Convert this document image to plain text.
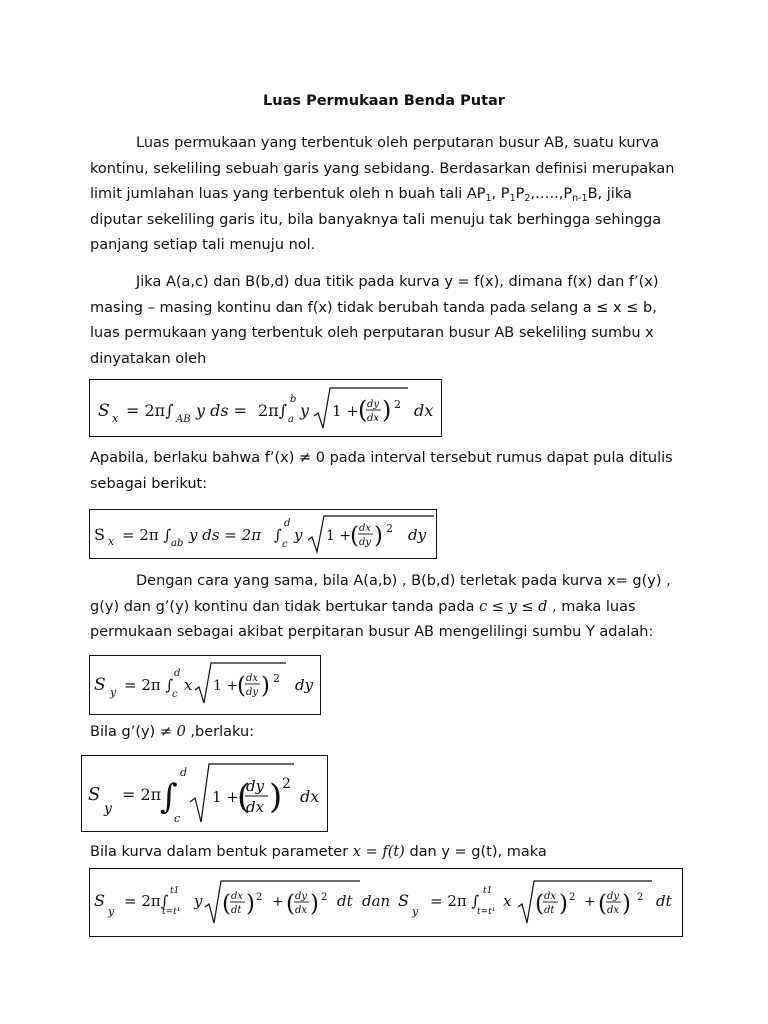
Luas Permukaan Benda Putar

Luas permukaan yang terbentuk oleh perputaran busur AB, suatu kurva kontinu, sekeliling sebuah garis yang sebidang. Berdasarkan definisi merupakan limit jumlahan luas yang terbentuk oleh n buah tali $AP_1$, $P_1P_2,\dots..,P_{n-1}B$, jika diputar sekeliling garis itu, bila banyaknya tali menuju tak berhingga sehingga panjang setiap tali menuju nol.

Jika A(a,c) dan B(b,d) dua titik pada kurva y = f(x), dimana f(x) dan f’(x) masing – masing kontinu dan f(x) tidak berubah tanda pada selang a ≤ x ≤ b, luas permukaan yang terbentuk oleh perputaran busur AB sekeliling sumbu x dinyatakan oleh

S x = 2π∫ AB y ds = 2π∫ a
b
y 1 + ( dy
dx ) 2 dx

Apabila, berlaku bahwa f’(x) ≠ 0 pada interval tersebut rumus dapat pula ditulis sebagai berikut:

S x = 2π ∫ ab y ds = 2π ∫
c
d
y 1 +
( dx
dy ) 2 dy

Dengan cara yang sama, bila A(a,b) , B(b,d) terletak pada kurva x= g(y) , g(y) dan g’(y) kontinu dan tidak bertukar tanda pada c ≤ y ≤ d , maka luas permukaan sebagai akibat perpitaran busur AB mengelilingi sumbu Y adalah:

S y = 2π ∫
c
d
x 1 +
( dx
dy ) 2 dy

Bila g’(y) ≠ 0 ,berlaku:

S
y
= 2π
∫
c
d
1 +
(
dy
dx ) 2
dx

Bila kurva dalam bentuk parameter x = f(t) dan y = g(t), maka

S
y
= 2π∫
t=t¹
t1
y ( dx
dt ) 2 + ( dy
dx ) 2 dt dan S
y
= 2π ∫
t=t¹
t1
x ( dx
dt ) 2 + ( dy
dx ) 2 dt
